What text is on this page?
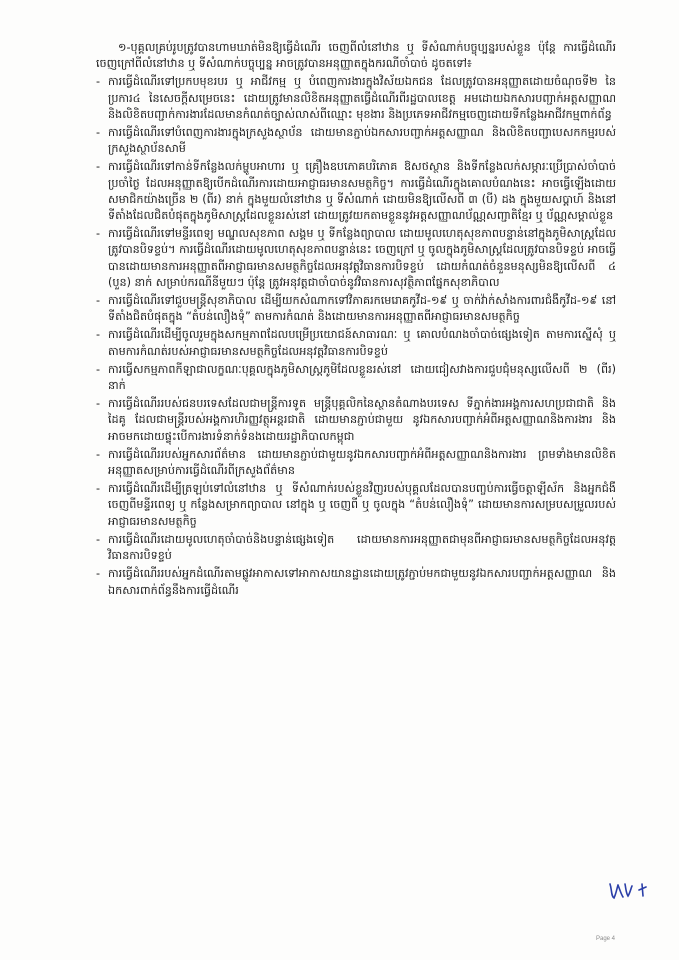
១-បុគ្គលគ្រប់រូបត្រូវបានហាមឃាត់មិនឱ្យធ្វើដំណើរ ចេញពីលំនៅឋាន ឬ ទីសំណាក់បច្ចុប្បន្នរបស់ខ្លួន ប៉ុន្តែ ការធ្វើដំណើរចេញក្រៅពីលំនៅឋាន ឬ ទីសំណាក់បច្ចុប្បន្ន អាចត្រូវបានអនុញ្ញាតក្នុងករណីចាំបាច់ ដូចតទៅ៖

- ការធ្វើដំណើរទៅប្រកបមុខរបរ ឬ អាជីវកម្ម ឬ បំពេញការងារក្នុងវិស័យឯកជន ដែលត្រូវបានអនុញ្ញាតដោយចំណុចទី២ នៃប្រការ៤ នៃសេចក្តីសម្រេចនេះ ដោយត្រូវមានលិខិតអនុញ្ញាតធ្វើដំណើរពីរដ្ឋបាលខេត្ត អមដោយឯកសារបញ្ជាក់អត្តសញ្ញាណ និងលិខិតបញ្ជាក់ការងារដែលមានកំណត់ច្បាស់លាស់ពីឈ្មោះ មុខងារ និងប្រភេទអាជីវកម្មចេញដោយទីកន្លែងអាជីវកម្មពាក់ព័ន្ធ
- ការធ្វើដំណើរទៅបំពេញការងារក្នុងក្រសួងស្ថាប័ន ដោយមានភ្ជាប់ឯកសារបញ្ជាក់អត្តសញ្ញាណ និងលិខិតបញ្ជាបេសកកម្មរបស់ក្រសួងស្ថាប័នសាមី
- ការធ្វើដំណើរទៅកាន់ទីកន្លែងលក់ម្ហូបអាហារ ឬ គ្រឿងឧបភោគបរិភោគ ឱសថស្ថាន និងទីកន្លែងលក់សម្ភារៈប្រើប្រាស់ចាំបាច់ប្រចាំថ្ងៃ ដែលអនុញ្ញាតឱ្យបើកដំណើរការដោយអាជ្ញាធរមានសមត្ថកិច្ច។ ការធ្វើដំណើរក្នុងគោលបំណងនេះ អាចធ្វើឡើងដោយសមាជិកយ៉ាងច្រើន ២ (ពីរ) នាក់ ក្នុងមួយលំនៅឋាន ឬ ទីសំណាក់ ដោយមិនឱ្យលើសពី ៣ (បី) ដង ក្នុងមួយសប្តាហ៍ និងនៅទីតាំងដែលជិតបំផុតក្នុងភូមិសាស្ត្រដែលខ្លួនរស់នៅ ដោយត្រូវយកតាមខ្លួននូវអត្តសញ្ញាណប័ណ្ណសញ្ជាតិខ្មែរ ឬ ប័ណ្ណសម្គាល់ខ្លួន
- ការធ្វើដំណើរទៅមន្ទីរពេទ្យ មណ្ឌលសុខភាព សង្គម ឬ ទីកន្លែងព្យាបាល ដោយមូលហេតុសុខភាពបន្ទាន់នៅក្នុងភូមិសាស្ត្រដែលត្រូវបានបិទខ្ទប់។ ការធ្វើដំណើរដោយមូលហេតុសុខភាពបន្ទាន់នេះ ចេញក្រៅ ឬ ចូលក្នុងភូមិសាស្ត្រដែលត្រូវបានបិទខ្ទប់ អាចធ្វើបានដោយមានការអនុញ្ញាតពីអាជ្ញាធរមានសមត្ថកិច្ចដែលអនុវត្តវិធានការបិទខ្ទប់ ដោយកំណត់ចំនួនមនុស្សមិនឱ្យលើសពី ៤ (បួន) នាក់ សម្រាប់ករណីនីមួយៗ ប៉ុន្តែ ត្រូវអនុវត្តជាចាំបាច់នូវវិធានការសុវត្ថិភាពផ្នែកសុខាភិបាល
- ការធ្វើដំណើរទៅជួបមន្ត្រីសុខាភិបាល ដើម្បីយកសំណាកទៅវិភាគរកមេរោគកូវីដ-១៩ ឬ ចាក់វ៉ាក់សាំងការពារជំងឺកូវីដ-១៩ នៅទីតាំងជិតបំផុតក្នុង “តំបន់លឿងទុំ” តាមការកំណត់ និងដោយមានការអនុញ្ញាតពីអាជ្ញាធរមានសមត្ថកិច្ច
- ការធ្វើដំណើរដើម្បីចូលរួមក្នុងសកម្មភាពដែលបម្រើប្រយោជន៍សាធារណៈ ឬ គោលបំណងចាំបាច់ផ្សេងទៀត តាមការស្នើសុំ ឬ តាមការកំណត់របស់អាជ្ញាធរមានសមត្ថកិច្ចដែលអនុវត្តវិធានការបិទខ្ទប់
- ការធ្វើសកម្មភាពកីឡាជាលក្ខណៈបុគ្គលក្នុងភូមិសាស្ត្រភូមិដែលខ្លួនរស់នៅ ដោយជៀសវាងការជួបជុំមនុស្សលើសពី ២ (ពីរ) នាក់
- ការធ្វើដំណើររបស់ជនបរទេសដែលជាមន្ត្រីការទូត មន្ត្រីបុគ្គលិកនៃស្ថានតំណាងបរទេស ទីភ្នាក់ងារអង្គការសហប្រជាជាតិ និងដៃគូ ដែលជាមន្ត្រីរបស់អង្គការហិរញ្ញវត្ថុអន្តរជាតិ ដោយមានភ្ជាប់ជាមួយ នូវឯកសារបញ្ជាក់អំពីអត្តសញ្ញាណនិងការងារ និងអាចមកដោយផ្ទុះបើការងារទំនាក់ទំនងដោយរដ្ឋាភិបាលកម្ពុជា
- ការធ្វើដំណើររបស់អ្នកសារព័ត៌មាន ដោយមានភ្ជាប់ជាមួយនូវឯកសារបញ្ជាក់អំពីអត្តសញ្ញាណនិងការងារ ព្រមទាំងមានលិខិតអនុញ្ញាតសម្រាប់ការធ្វើដំណើរពីក្រសួងព័ត៌មាន
- ការធ្វើដំណើរដើម្បីត្រឡប់ទៅលំនៅឋាន ឬ ទីសំណាក់របស់ខ្លួនវិញរបស់បុគ្គលដែលបានបញ្ចប់ការធ្វើចត្តាឡីស័ក និងអ្នកជំងឺចេញពីមន្ទីរពេទ្យ ឬ កន្លែងសម្រាកព្យាបាល នៅក្នុង ឬ ចេញពី ឬ ចូលក្នុង “តំបន់លឿងទុំ” ដោយមានការសម្របសម្រួលរបស់អាជ្ញាធរមានសមត្ថកិច្ច
- ការធ្វើដំណើរដោយមូលហេតុចាំបាច់និងបន្ទាន់ផ្សេងទៀត ដោយមានការអនុញ្ញាតជាមុនពីអាជ្ញាធរមានសមត្ថកិច្ចដែលអនុវត្តវិធានការបិទខ្ទប់
- ការធ្វើដំណើររបស់អ្នកដំណើរតាមផ្លូវអាកាសទៅអាកាសយានដ្ឋានដោយត្រូវភ្ជាប់មកជាមួយនូវឯកសារបញ្ជាក់អត្តសញ្ញាណ និងឯកសារពាក់ព័ន្ធនឹងការធ្វើដំណើរ
Page 4
